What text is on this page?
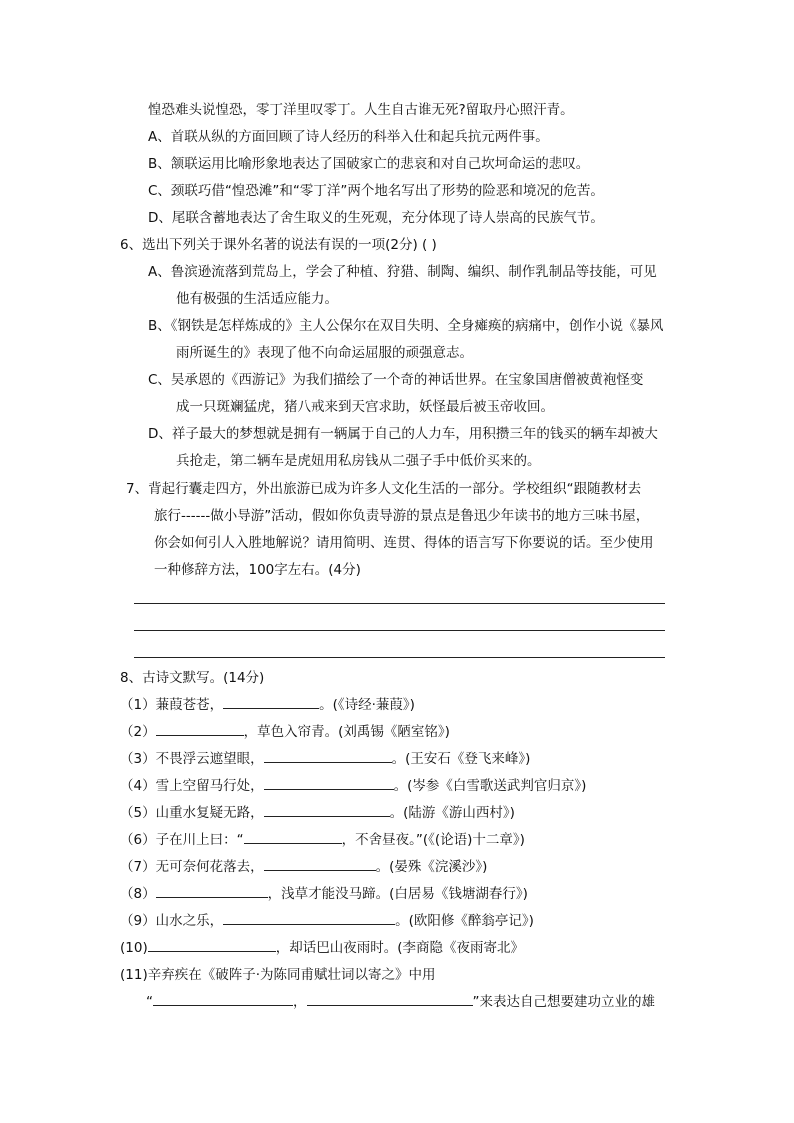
惶恐难头说惶恐，零丁洋里叹零丁。人生自古谁无死?留取丹心照汗青。
A、首联从纵的方面回顾了诗人经历的科举入仕和起兵抗元两件事。
B、颔联运用比喻形象地表达了国破家亡的悲哀和对自己坎坷命运的悲叹。
C、颈联巧借“惶恐滩”和“零丁洋”两个地名写出了形势的险恶和境况的危苦。
D、尾联含蓄地表达了舍生取义的生死观，充分体现了诗人崇高的民族气节。
6、选出下列关于课外名著的说法有误的一项(2分) ( )
A、鲁滨逊流落到荒岛上，学会了种植、狩猎、制陶、编织、制作乳制品等技能，可见
他有极强的生活适应能力。
B、《钢铁是怎样炼成的》主人公保尔在双目失明、全身瘫痪的病痛中，创作小说《暴风
雨所诞生的》表现了他不向命运屈服的顽强意志。
C、吴承恩的《西游记》为我们描绘了一个奇的神话世界。在宝象国唐僧被黄袍怪变
成一只斑斓猛虎，猪八戒来到天宫求助，妖怪最后被玉帝收回。
D、祥子最大的梦想就是拥有一辆属于自己的人力车，用积攒三年的钱买的辆车却被大
兵抢走，第二辆车是虎妞用私房钱从二强子手中低价买来的。
7、背起行囊走四方，外出旅游已成为许多人文化生活的一部分。学校组织“跟随教材去
旅行------做小导游”活动，假如你负责导游的景点是鲁迅少年读书的地方三味书屋，
你会如何引人入胜地解说？请用简明、连贯、得体的语言写下你要说的话。至少使用
一种修辞方法，100字左右。(4分)
8、古诗文默写。(14分)
（1）蒹葭苍苍，	。(《诗经·蒹葭》)
（2）	，草色入帘青。(刘禹锡《陋室铭》)
（3）不畏浮云遮望眼，	。(王安石《登飞来峰》)
（4）雪上空留马行处，	。(岑参《白雪歌送武判官归京》)
（5）山重水复疑无路，	。(陆游《游山西村》)
（6）子在川上曰：“	，不舍昼夜。”(《(论语)十二章》)
（7）无可奈何花落去，	。(晏殊《浣溪沙》)
（8）	，浅草才能没马蹄。(白居易《钱塘湖春行》)
（9）山水之乐，	。(欧阳修《醉翁亭记》)
(10)	，却话巴山夜雨时。(李商隐《夜雨寄北》
(11)辛弃疾在《破阵子·为陈同甫赋壮词以寄之》中用
“	，	”来表达自己想要建功立业的雄
